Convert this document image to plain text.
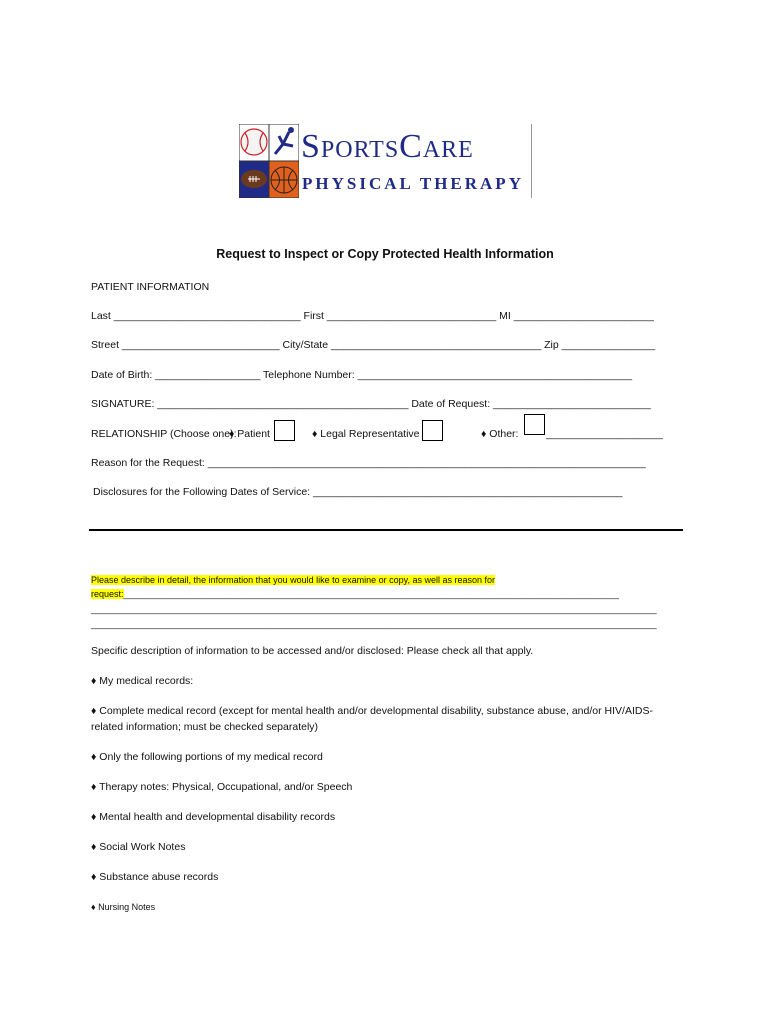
SportsCare
PHYSICAL THERAPY
Request to Inspect or Copy Protected Health Information
PATIENT INFORMATION
Last ________________________________ First _____________________________ MI ________________________
Street ___________________________ City/State ____________________________________ Zip ________________
Date of Birth: __________________ Telephone Number: _______________________________________________
SIGNATURE: ___________________________________________ Date of Request: ___________________________
RELATIONSHIP (Choose one):
♦ Patient	♦ Legal Representative	♦ Other:	____________________
Reason for the Request: ___________________________________________________________________________
Disclosures for the Following Dates of Service: _____________________________________________________
Please describe in detail, the information that you would like to examine or copy, as well as reason for
request:___________________________________________________________________________________________________
_________________________________________________________________________________________________________________
_________________________________________________________________________________________________________________
Specific description of information to be accessed and/or disclosed: Please check all that apply.
♦ My medical records:
♦ Complete medical record (except for mental health and/or developmental disability, substance abuse, and/or HIV/AIDS-
related information; must be checked separately)
♦ Only the following portions of my medical record
♦ Therapy notes: Physical, Occupational, and/or Speech
♦ Mental health and developmental disability records
♦ Social Work Notes
♦ Substance abuse records
♦ Nursing Notes
